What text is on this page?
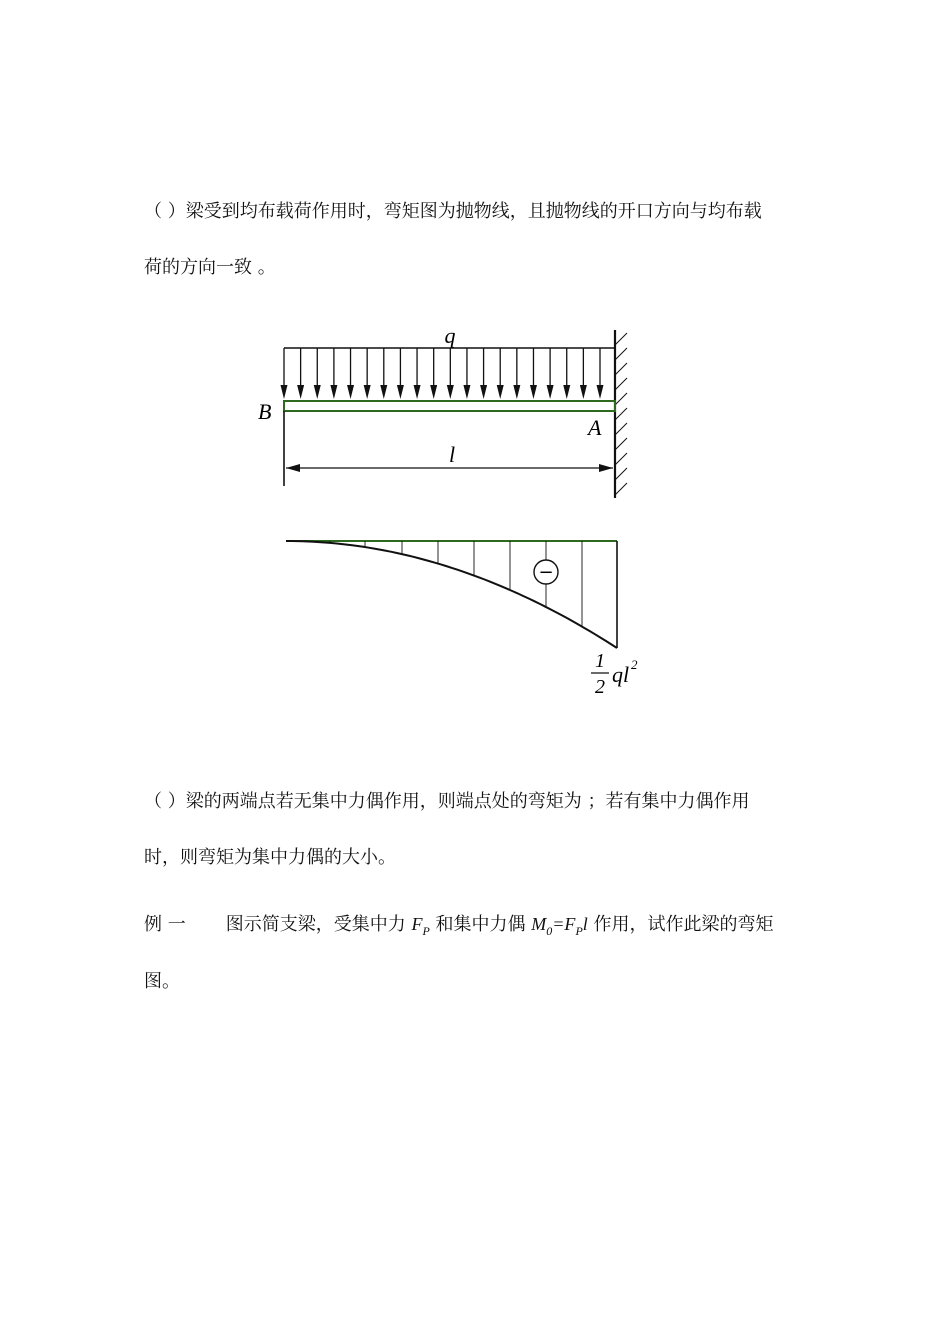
（ ）梁受到均布载荷作用时，弯矩图为抛物线，且抛物线的开口方向与均布载
荷的方向一致 。
q
B
A
l
−
1
2 ql 2
（ ）梁的两端点若无集中力偶作用，则端点处的弯矩为 ；若有集中力偶作用
时，则弯矩为集中力偶的大小。
例 一 图示简支梁，受集中力 $F_P$ 和集中力偶 $M_0=F_Pl$ 作用，试作此梁的弯矩
图。
